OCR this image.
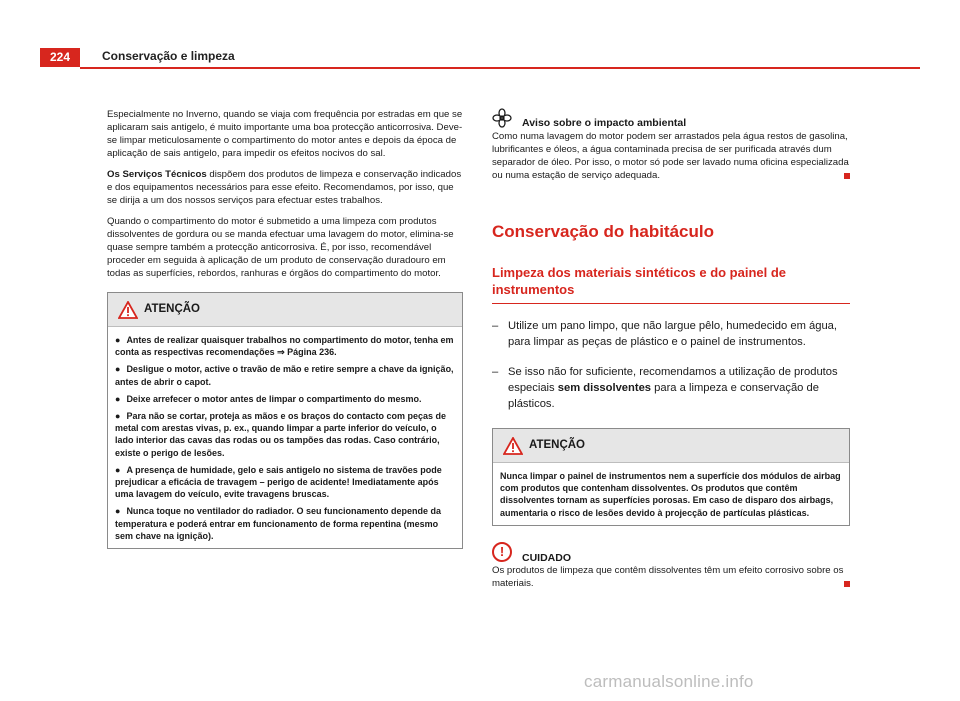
224	Conservação e limpeza

Especialmente no Inverno, quando se viaja com frequência por estradas em que se aplicaram sais antigelo, é muito importante uma boa protecção anticorrosiva. Deve-se limpar meticulosamente o compartimento do motor antes e depois da época de aplicação de sais antigelo, para impedir os efeitos nocivos do sal.

Os Serviços Técnicos dispõem dos produtos de limpeza e conservação indicados e dos equipamentos necessários para esse efeito. Recomendamos, por isso, que se dirija a um dos nossos serviços para efectuar estes trabalhos.

Quando o compartimento do motor é submetido a uma limpeza com produtos dissolventes de gordura ou se manda efectuar uma lavagem do motor, elimina-se quase sempre também a protecção anticorrosiva. É, por isso, recomendável proceder em seguida à aplicação de um produto de conservação duradouro em todas as superfícies, rebordos, ranhuras e órgãos do compartimento do motor.

ATENÇÃO
● Antes de realizar quaisquer trabalhos no compartimento do motor, tenha em conta as respectivas recomendações ⇒ Página 236.
● Desligue o motor, active o travão de mão e retire sempre a chave da ignição, antes de abrir o capot.
● Deixe arrefecer o motor antes de limpar o compartimento do mesmo.
● Para não se cortar, proteja as mãos e os braços do contacto com peças de metal com arestas vivas, p. ex., quando limpar a parte inferior do veículo, o lado interior das cavas das rodas ou os tampões das rodas. Caso contrário, existe o perigo de lesões.
● A presença de humidade, gelo e sais antigelo no sistema de travões pode prejudicar a eficácia de travagem – perigo de acidente! Imediatamente após uma lavagem do veículo, evite travagens bruscas.
● Nunca toque no ventilador do radiador. O seu funcionamento depende da temperatura e poderá entrar em funcionamento de forma repentina (mesmo sem chave na ignição).
Aviso sobre o impacto ambiental

Como numa lavagem do motor podem ser arrastados pela água restos de gasolina, lubrificantes e óleos, a água contaminada precisa de ser purificada através dum separador de óleo. Por isso, o motor só pode ser lavado numa oficina especializada ou numa estação de serviço adequada.

Conservação do habitáculo
Limpeza dos materiais sintéticos e do painel de instrumentos
– Utilize um pano limpo, que não largue pêlo, humedecido em água, para limpar as peças de plástico e o painel de instrumentos.
– Se isso não for suficiente, recomendamos a utilização de produtos especiais sem dissolventes para a limpeza e conservação de plásticos.
ATENÇÃO
Nunca limpar o painel de instrumentos nem a superfície dos módulos de airbag com produtos que contenham dissolventes. Os produtos que contêm dissolventes tornam as superfícies porosas. Em caso de disparo dos airbags, aumentaria o risco de lesões devido à projecção de partículas plásticas.
!	CUIDADO

Os produtos de limpeza que contêm dissolventes têm um efeito corrosivo sobre os materiais.

carmanualsonline.info
